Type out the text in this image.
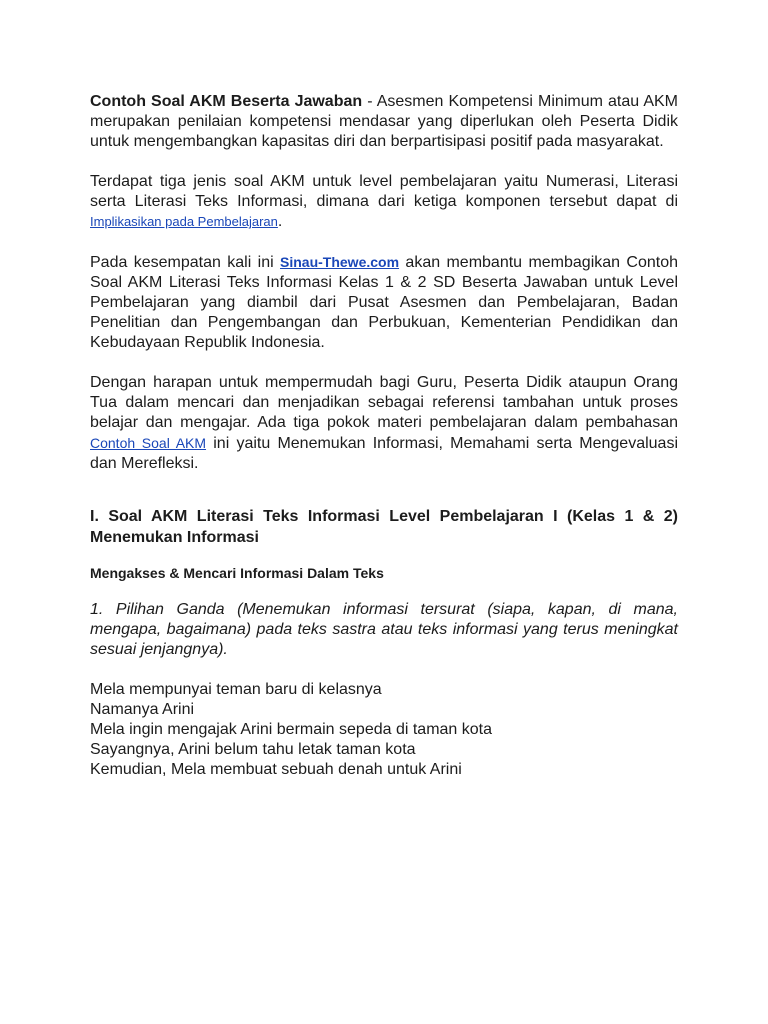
Contoh Soal AKM Beserta Jawaban - Asesmen Kompetensi Minimum atau AKM merupakan penilaian kompetensi mendasar yang diperlukan oleh Peserta Didik untuk mengembangkan kapasitas diri dan berpartisipasi positif pada masyarakat.

Terdapat tiga jenis soal AKM untuk level pembelajaran yaitu Numerasi, Literasi serta Literasi Teks Informasi, dimana dari ketiga komponen tersebut dapat di Implikasikan pada Pembelajaran.

Pada kesempatan kali ini Sinau-Thewe.com akan membantu membagikan Contoh Soal AKM Literasi Teks Informasi Kelas 1 & 2 SD Beserta Jawaban untuk Level Pembelajaran yang diambil dari Pusat Asesmen dan Pembelajaran, Badan Penelitian dan Pengembangan dan Perbukuan, Kementerian Pendidikan dan Kebudayaan Republik Indonesia.

Dengan harapan untuk mempermudah bagi Guru, Peserta Didik ataupun Orang Tua dalam mencari dan menjadikan sebagai referensi tambahan untuk proses belajar dan mengajar. Ada tiga pokok materi pembelajaran dalam pembahasan Contoh Soal AKM ini yaitu Menemukan Informasi, Memahami serta Mengevaluasi dan Merefleksi.

I. Soal AKM Literasi Teks Informasi Level Pembelajaran I (Kelas 1 & 2) Menemukan Informasi
Mengakses & Mencari Informasi Dalam Teks

1. Pilihan Ganda (Menemukan informasi tersurat (siapa, kapan, di mana, mengapa, bagaimana) pada teks sastra atau teks informasi yang terus meningkat sesuai jenjangnya).

Mela mempunyai teman baru di kelasnya

Namanya Arini

Mela ingin mengajak Arini bermain sepeda di taman kota

Sayangnya, Arini belum tahu letak taman kota

Kemudian, Mela membuat sebuah denah untuk Arini
